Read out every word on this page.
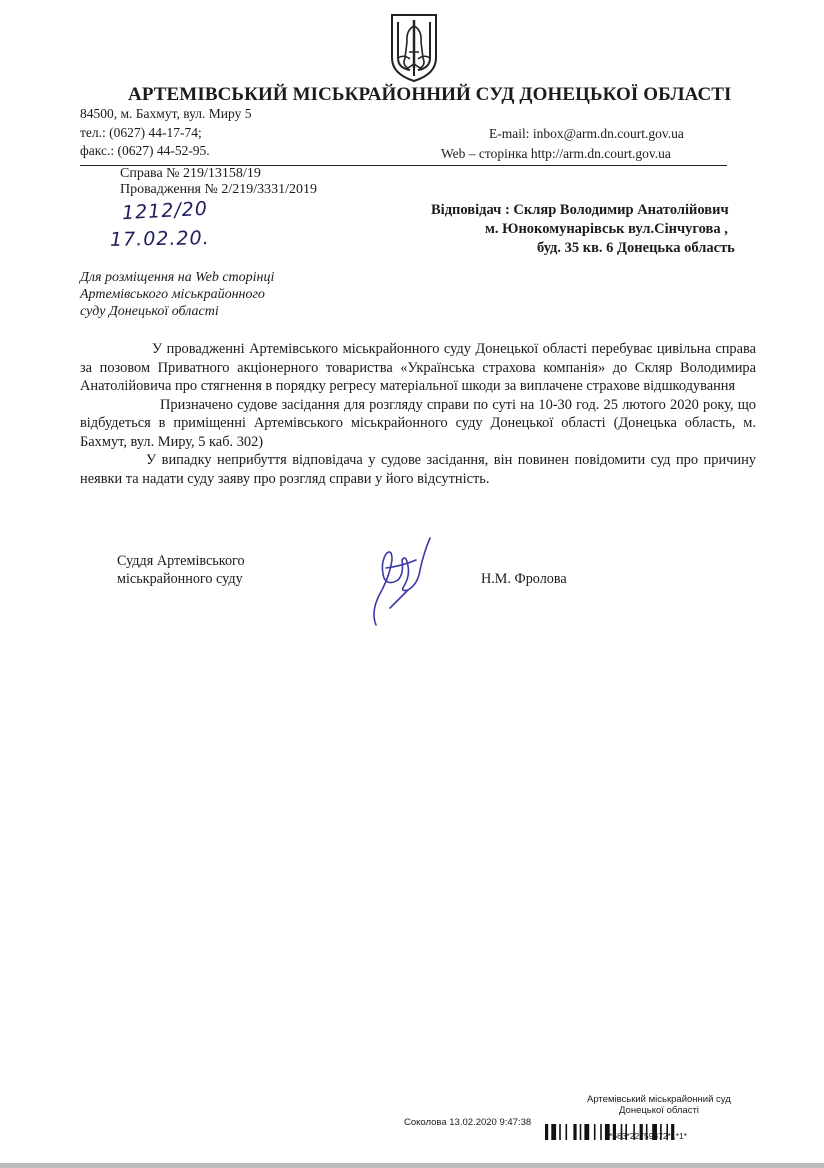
АРТЕМІВСЬКИЙ МІСЬКРАЙОННИЙ СУД ДОНЕЦЬКОЇ ОБЛАСТІ
84500, м. Бахмут, вул. Миру 5
тел.: (0627) 44-17-74;
факс.: (0627) 44-52-95.
E-mail: inbox@arm.dn.court.gov.ua
Web – сторінка http://arm.dn.court.gov.ua
Справа № 219/13158/19
Провадження № 2/219/3331/2019
1212/20
17.02.20.
Відповідач : Скляр Володимир Анатолійович
м. Юнокомунарівськ вул.Сінчугова ,
буд. 35 кв. 6 Донецька область
Для розміщення на Web сторінці
Артемівського міськрайонного
суду Донецької області

У провадженні Артемівського міськрайонного суду Донецької області перебуває цивільна справа за позовом Приватного акціонерного товариства «Українська страхова компанія» до Скляр Володимира Анатолійовича про стягнення в порядку регресу матеріальної шкоди за виплачене страхове відшкодування

Призначено судове засідання для розгляду справи по суті на 10-30 год. 25 лютого 2020 року, що відбудеться в приміщенні Артемівського міськрайонного суду Донецької області (Донецька область, м. Бахмут, вул. Миру, 5 каб. 302)

У випадку неприбуття відповідача у судове засідання, він повинен повідомити суд про причину неявки та надати суду заяву про розгляд справи у його відсутність.

Суддя Артемівського
міськрайонного суду	Н.М. Фролова
Артемівський міськрайонний суд
Донецької області
Соколова 13.02.2020 9:47:38
*563*22759872*1*1*
